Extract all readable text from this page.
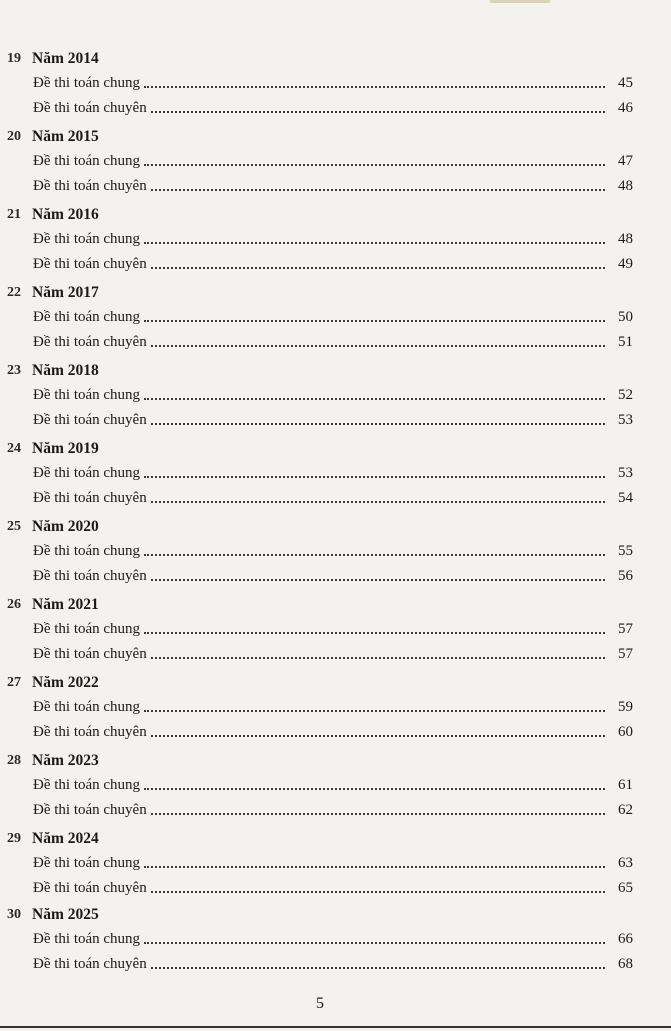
19 Năm 2014
Đề thi toán chung	45
Đề thi toán chuyên	46
20 Năm 2015
Đề thi toán chung	47
Đề thi toán chuyên	48
21 Năm 2016
Đề thi toán chung	48
Đề thi toán chuyên	49
22 Năm 2017
Đề thi toán chung	50
Đề thi toán chuyên	51
23 Năm 2018
Đề thi toán chung	52
Đề thi toán chuyên	53
24 Năm 2019
Đề thi toán chung	53
Đề thi toán chuyên	54
25 Năm 2020
Đề thi toán chung	55
Đề thi toán chuyên	56
26 Năm 2021
Đề thi toán chung	57
Đề thi toán chuyên	57
27 Năm 2022
Đề thi toán chung	59
Đề thi toán chuyên	60
28 Năm 2023
Đề thi toán chung	61
Đề thi toán chuyên	62
29 Năm 2024
Đề thi toán chung	63
Đề thi toán chuyên	65
30 Năm 2025
Đề thi toán chung	66
Đề thi toán chuyên	68
5
